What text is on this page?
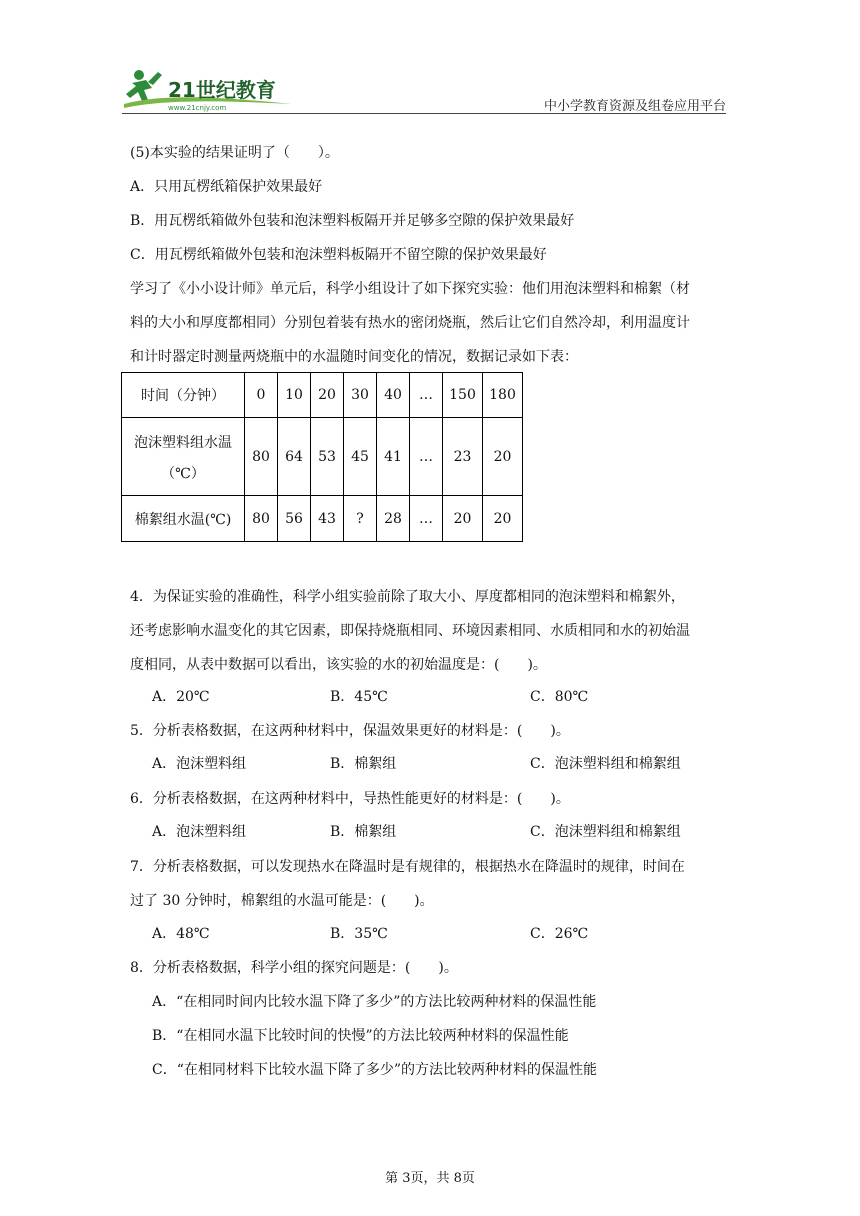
21世纪教育
www.21cnjy.com	中小学教育资源及组卷应用平台
(5)本实验的结果证明了（　　）。
A．只用瓦楞纸箱保护效果最好
B．用瓦楞纸箱做外包装和泡沫塑料板隔开并足够多空隙的保护效果最好
C．用瓦楞纸箱做外包装和泡沫塑料板隔开不留空隙的保护效果最好
学习了《小小设计师》单元后，科学小组设计了如下探究实验：他们用泡沫塑料和棉絮（材
料的大小和厚度都相同）分别包着装有热水的密闭烧瓶，然后让它们自然冷却，利用温度计
和计时器定时测量两烧瓶中的水温随时间变化的情况，数据记录如下表：
时间（分钟）	0	10	20	30	40	…	150	180

泡沫塑料组水温
（℃）	80	64	53	45	41	…	23	20
棉絮组水温(℃)	80	56	43	?	28	…	20	20
4．为保证实验的准确性，科学小组实验前除了取大小、厚度都相同的泡沫塑料和棉絮外，
还考虑影响水温变化的其它因素，即保持烧瓶相同、环境因素相同、水质相同和水的初始温
度相同，从表中数据可以看出，该实验的水的初始温度是：(　　)。
A．20℃	B．45℃	C．80℃
5．分析表格数据，在这两种材料中，保温效果更好的材料是：(　　)。
A．泡沫塑料组	B．棉絮组	C．泡沫塑料组和棉絮组
6．分析表格数据，在这两种材料中，导热性能更好的材料是：(　　)。
A．泡沫塑料组	B．棉絮组	C．泡沫塑料组和棉絮组
7．分析表格数据，可以发现热水在降温时是有规律的，根据热水在降温时的规律，时间在
过了 30 分钟时，棉絮组的水温可能是：(　　)。
A．48℃	B．35℃	C．26℃
8．分析表格数据，科学小组的探究问题是：(　　)。
A．“在相同时间内比较水温下降了多少”的方法比较两种材料的保温性能
B．“在相同水温下比较时间的快慢”的方法比较两种材料的保温性能
C．“在相同材料下比较水温下降了多少”的方法比较两种材料的保温性能
第 3页，共 8页
